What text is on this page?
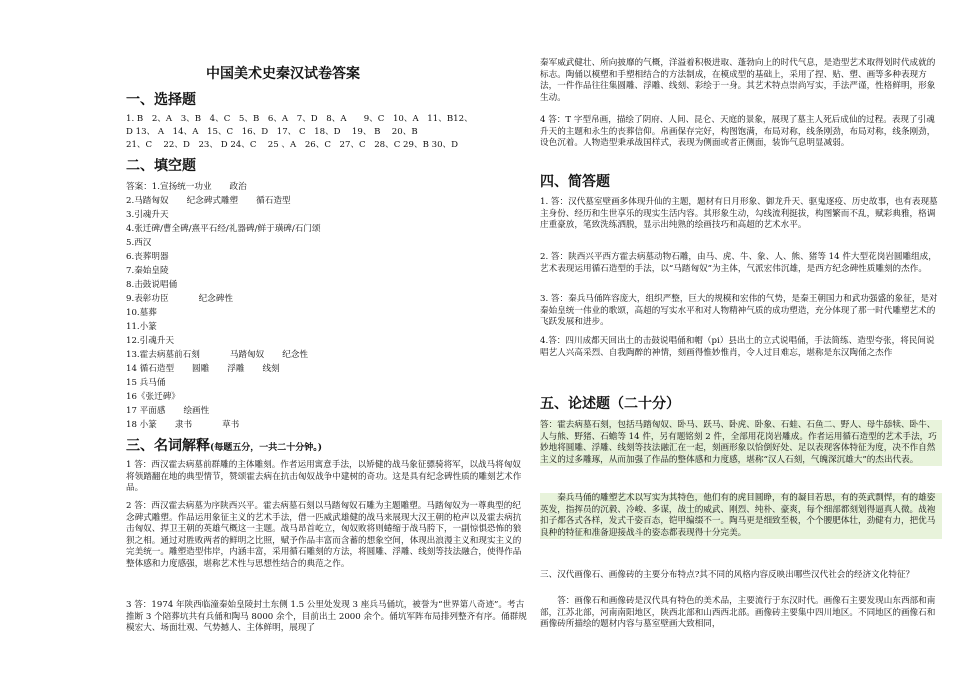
中国美术史秦汉试卷答案
一、选择题
1. B　2、A　3、B　4、C　5、B　6、A　7、D　8、A　　9、C　10、A　11、B12、
D 13、 A　14、A　15、C　16、D　17、 C　18、D　 19、 B　 20、B
21、C　 22、D　23、 D 24、C　 25 、A　26、C　27、C　28、C 29、B 30、D
二、填空题
答案：1.宣扬统一功业 政治
2.马踏匈奴 纪念碑式雕塑 循石造型
3.引魂升天
4.张迁碑/曹全碑/熹平石经/礼器碑/鲜于璜碑/石门颂
5.西汉
6.丧葬明器
7.秦始皇陵
8.击鼓说唱俑
9.表彰功臣	纪念碑性
10.墓葬
11.小篆
12.引魂升天
13.霍去病墓前石刻	马踏匈奴 纪念性
14 循石造型 圆雕 浮雕 线刻
15 兵马俑
16《张迁碑》
17 平面感 绘画性
18 小篆 隶书	草书
三、名词解释(每题五分，一共二十分钟。)
1 答：西汉霍去病墓前群雕的主体雕刻。作者运用寓意手法，以矫健的战马象征骠骑将军，以战马将匈奴将领踏翻在地的典型情节，赞颂霍去病在抗击匈奴战争中建树的奇功。这是具有纪念碑性质的雕刻艺术作品。
2 答：西汉霍去病墓为序陕西兴平。霍去病墓石刻以马踏匈奴石雕为主题雕塑。马踏匈奴为一尊典型的纪念碑式雕塑。作品运用象征主义的艺术手法，借一匹威武雄健的战马来展现大汉王朝的枪声以及霍去病抗击匈奴、捍卫王朝的英雄气概这一主题。战马昂首屹立，匈奴败将则蜷缩于战马胯下，一副惊惧恐怖的狼狈之相。通过对胜败两者的鲜明之比照，赋予作品丰富而含蓄的想象空间，体现出浪漫主义和现实主义的完美统一。雕塑造型伟岸，内涵丰富，采用循石雕刻的方法，将圆雕、浮雕、线刻等技法融合，使得作品整体感和力度感强，堪称艺术性与思想性结合的典范之作。
3 答：1974 年陕西临潼秦始皇陵封土东侧 1.5 公里处发现 3 座兵马俑坑，被誉为“世界第八奇迹”。考古推断 3 个陪葬坑共有兵俑和陶马 8000 余个，目前出土 2000 余个。俑坑军阵布局排列整齐有序。俑群规模宏大、场面壮观、气势撼人、主体鲜明，展现了
秦军威武健壮、所向披靡的气概，洋溢着积极进取、蓬勃向上的时代气息，是造型艺术取得划时代成就的标志。陶俑以模塑和手塑相结合的方法制成，在模成型的基础上，采用了捏、贴、塑、画等多种表现方法，一件作品往往集圆雕、浮雕、线刻、彩绘于一身。其艺术特点崇尚写实，手法严谨，性格鲜明，形象生动。
4 答：T 字型帛画，描绘了阴府、人间、昆仑、天庭的景象，展现了墓主人死后成仙的过程。表现了引魂升天的主题和永生的丧葬信仰。帛画保存完好，构图饱满，布局对称，线条刚劲，布局对称，线条刚劲，设色沉着。人物造型秉承战国样式，表现为侧面或者正侧面，装饰气息明显减弱。
四、简答题
1. 答：汉代墓室壁画多体现升仙的主题，题材有日月形象、御龙升天、驱鬼逐疫、历史故事，也有表现墓主身份、经历和生世享乐的现实生活内容。其形象生动，勾线流利挺拔，构图繁而不乱，赋彩典雅，格调庄重豪放，笔致洗练洒脱，显示出纯熟的绘画技巧和高超的艺术水平。
2. 答：陕西兴平西方霍去病墓动物石雕，由马、虎、牛、象、人、熊、猪等 14 件大型花岗岩圆雕组成，艺术表现运用循石造型的手法，以“马踏匈奴”为主体，气派宏伟沉雄，是西方纪念碑性质雕刻的杰作。
3. 答：秦兵马俑阵容庞大，组织严整，巨大的规模和宏伟的气势，是秦王朝国力和武功强盛的象征，是对秦始皇统一伟业的歌颂，高超的写实水平和对人物精神气质的成功塑造，充分体现了那一时代雕塑艺术的飞跃发展和进步。
4.答：四川成都天回出土的击鼓说唱俑和帽（pi）县出土的立式说唱俑，手法简练、造型夸张，将民间说唱艺人兴高采烈、自我陶醉的神情，刻画得惟妙惟肖，令人过目难忘，堪称是东汉陶俑之杰作
五、论述题（二十分）
答：霍去病墓石刻，包括马踏匈奴、卧马、跃马、卧虎、卧象、石蛙、石鱼二、野人、母牛舔犊、卧牛、人与熊、野猪、石蟾等 14 件，另有题铭刻 2 件，全部用花岗岩雕成。作者运用循石造型的艺术手法，巧妙地将圆雕、浮雕、线刻等技法融汇在一起，刻画形象以恰倒好处、足以表现客体特征为度，决不作自然主义的过多雕琢，从而加强了作品的整体感和力度感，堪称“汉人石刻，气魄深沉雄大”的杰出代表。
秦兵马俑的雕塑艺术以写实为其特色，他们有的虎目圆睁，有的凝目若思，有的英武剽悍，有的雄姿英发，指挥员的沉毅、冷峻、多谋，战士的威武、刚烈、纯朴、豪爽，每个细部都刻划得逼真人微。战袍扣子都各式各样，发式千姿百态，铠甲编缀不一。陶马更是细致至极，个个腰肥体壮，劲健有力，把优马良种的特征和准备迎接战斗的姿态都表现得十分完美。
三、汉代画像石、画像砖的主要分布特点?其不同的风格内容反映出哪些汉代社会的经济文化特征？
答：画像石和画像砖是汉代具有特色的美术品，主要流行于东汉时代。画像石主要发现山东西部和南部，江苏北部，河南南阳地区，陕西北部和山西西北部。画像砖主要集中四川地区。不同地区的画像石和画像砖所描绘的题材内容与墓室壁画大致相同，
